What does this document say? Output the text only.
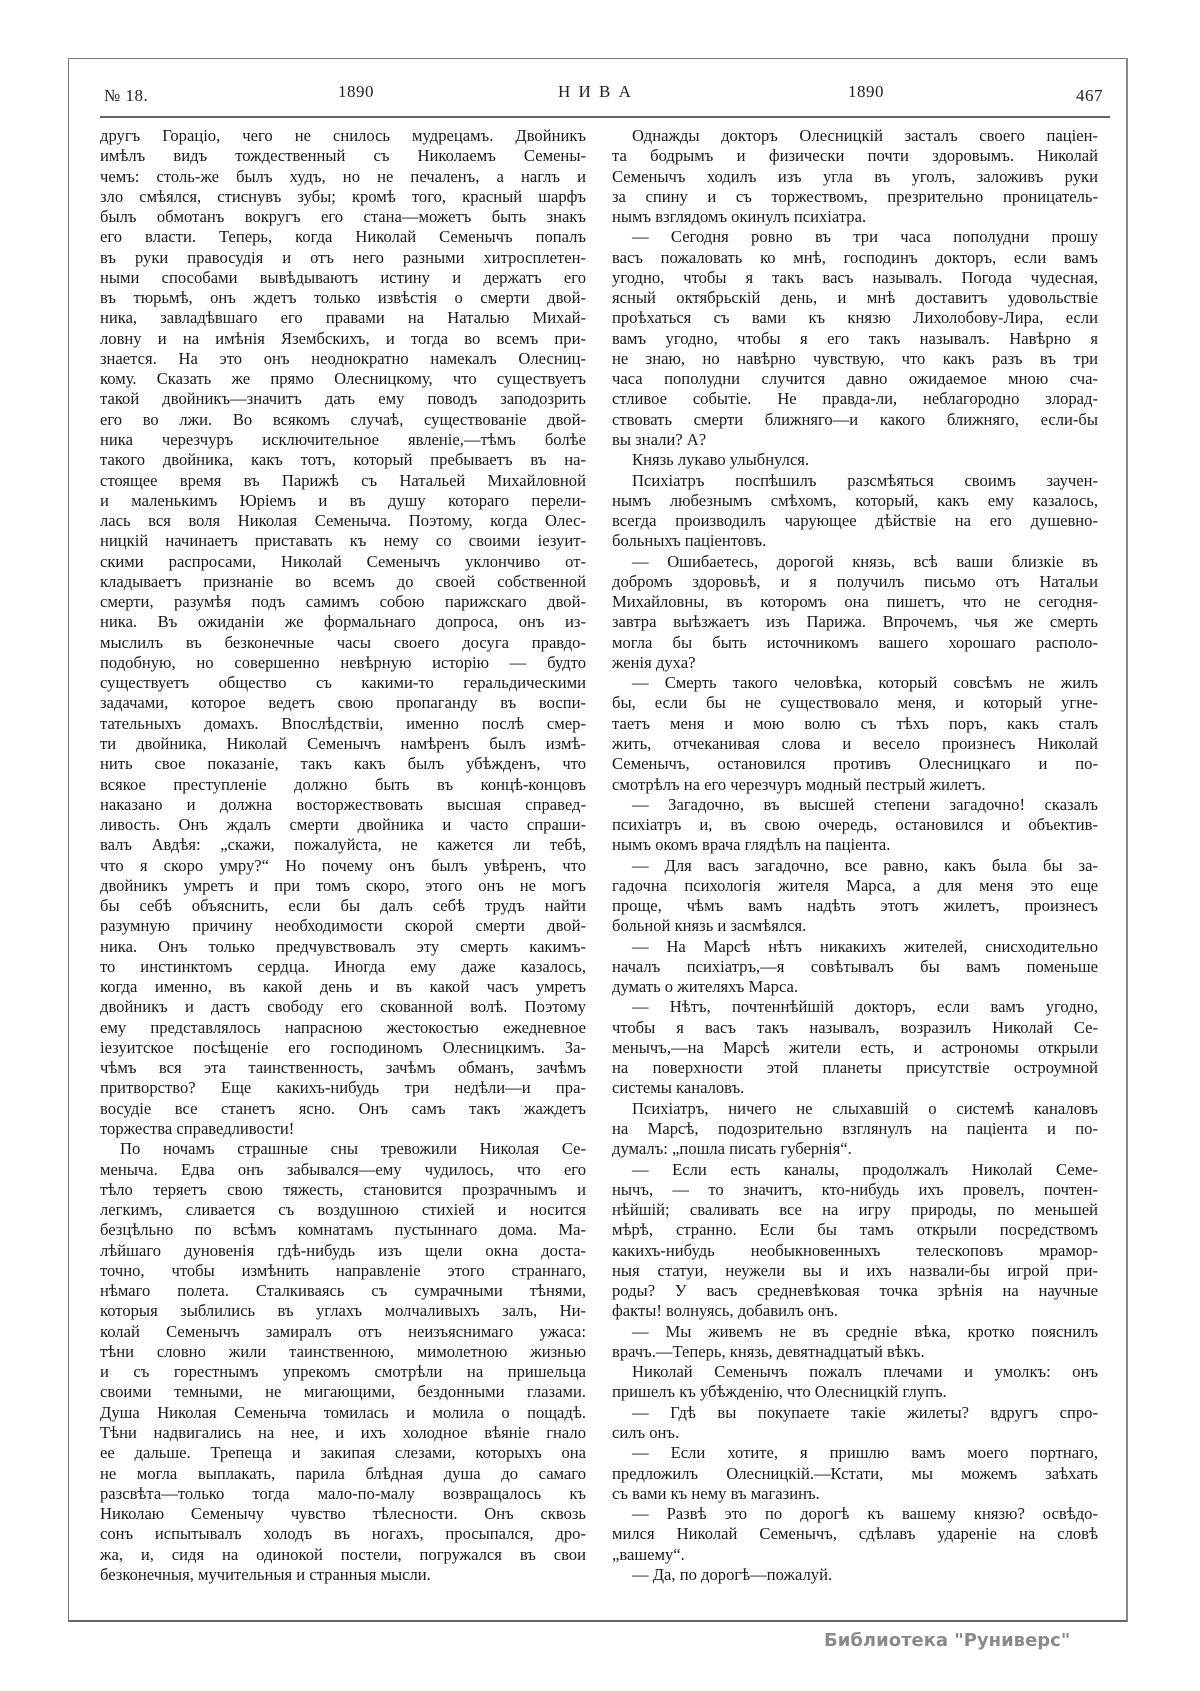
№ 18.	1890	Н И В А	1890	467
другъ Горацiо, чего не снилось мудрецамъ. Двойникъ
имѣлъ видъ тождественный съ Николаемъ Семены-
чемъ: столь-же былъ худъ, но не печаленъ, а наглъ и
зло смѣялся, стиснувъ зубы; кромѣ того, красный шарфъ
былъ обмотанъ вокругъ его стана—можетъ быть знакъ
его власти. Теперь, когда Николай Семенычъ попалъ
въ руки правосудiя и отъ него разными хитросплетен-
ными способами вывѣдываютъ истину и держатъ его
въ тюрьмѣ, онъ ждетъ только извѣстiя о смерти двой-
ника, завладѣвшаго его правами на Наталью Михай-
ловну и на имѣнiя Язембскихъ, и тогда во всемъ при-
знается. На это онъ неоднократно намекалъ Олесниц-
кому. Сказать же прямо Олесницкому, что существуетъ
такой двойникъ—значитъ дать ему поводъ заподозрить
его во лжи. Во всякомъ случаѣ, существованiе двой-
ника черезчуръ исключительное явленiе,—тѣмъ болѣе
такого двойника, какъ тотъ, который пребываетъ въ на-
стоящее время въ Парижѣ съ Натальей Михайловной
и маленькимъ Юрiемъ и въ душу котораго перели-
лась вся воля Николая Семеныча. Поэтому, когда Олес-
ницкiй начинаетъ приставать къ нему со своими iезуит-
скими распросами, Николай Семенычъ уклончиво от-
кладываетъ признанiе во всемъ до своей собственной
смерти, разумѣя подъ самимъ собою парижскаго двой-
ника. Въ ожиданiи же формальнаго допроса, онъ из-
мыслилъ въ безконечные часы своего досуга правдо-
подобную, но совершенно невѣрную исторiю — будто
существуетъ общество съ какими-то геральдическими
задачами, которое ведетъ свою пропаганду въ воспи-
тательныхъ домахъ. Впослѣдствiи, именно послѣ смер-
ти двойника, Николай Семенычъ намѣренъ былъ измѣ-
нить свое показанiе, такъ какъ былъ убѣжденъ, что
всякое преступленiе должно быть въ концѣ-концовъ
наказано и должна восторжествовать высшая справед-
ливость. Онъ ждалъ смерти двойника и часто спраши-
валъ Авдѣя: „скажи, пожалуйста, не кажется ли тебѣ,
что я скоро умру?“ Но почему онъ былъ увѣренъ, что
двойникъ умретъ и при томъ скоро, этого онъ не могъ
бы себѣ объяснить, если бы далъ себѣ трудъ найти
разумную причину необходимости скорой смерти двой-
ника. Онъ только предчувствовалъ эту смерть какимъ-
то инстинктомъ сердца. Иногда ему даже казалось,
когда именно, въ какой день и въ какой часъ умретъ
двойникъ и дастъ свободу его скованной волѣ. Поэтому
ему представлялось напрасною жестокостью ежедневное
iезуитское посѣщенiе его господиномъ Олесницкимъ. За-
чѣмъ вся эта таинственность, зачѣмъ обманъ, зачѣмъ
притворство? Еще какихъ-нибудь три недѣли—и пра-
восудiе все станетъ ясно. Онъ самъ такъ жаждетъ
торжества справедливости!
По ночамъ страшные сны тревожили Николая Се-
меныча. Едва онъ забывался—ему чудилось, что его
тѣло теряетъ свою тяжесть, становится прозрачнымъ и
легкимъ, сливается съ воздушною стихiей и носится
безцѣльно по всѣмъ комнатамъ пустыннаго дома. Ма-
лѣйшаго дуновенiя гдѣ-нибудь изъ щели окна доста-
точно, чтобы измѣнить направленiе этого страннаго,
нѣмаго полета. Сталкиваясь съ сумрачными тѣнями,
которыя зыблились въ углахъ молчаливыхъ залъ, Ни-
колай Семенычъ замиралъ отъ неизъяснимаго ужаса:
тѣни словно жили таинственною, мимолетною жизнью
и съ горестнымъ упрекомъ смотрѣли на пришельца
своими темными, не мигающими, бездонными глазами.
Душа Николая Семеныча томилась и молила о пощадѣ.
Тѣни надвигались на нее, и ихъ холодное вѣянiе гнало
ее дальше. Трепеща и закипая слезами, которыхъ она
не могла выплакать, парила блѣдная душа до самаго
разсвѣта—только тогда мало-по-малу возвращалось къ
Николаю Семенычу чувство тѣлесности. Онъ сквозь
сонъ испытывалъ холодъ въ ногахъ, просыпался, дро-
жа, и, сидя на одинокой постели, погружался въ свои
безконечныя, мучительныя и странныя мысли.
Однажды докторъ Олесницкiй засталъ своего пацiен-
та бодрымъ и физически почти здоровымъ. Николай
Семенычъ ходилъ изъ угла въ уголъ, заложивъ руки
за спину и съ торжествомъ, презрительно проницатель-
нымъ взглядомъ окинулъ психiатра.
— Сегодня ровно въ три часа пополудни прошу
васъ пожаловать ко мнѣ, господинъ докторъ, если вамъ
угодно, чтобы я такъ васъ называлъ. Погода чудесная,
ясный октябрьскiй день, и мнѣ доставитъ удовольствiе
проѣхаться съ вами къ князю Лихолобову-Лира, если
вамъ угодно, чтобы я его такъ называлъ. Навѣрно я
не знаю, но навѣрно чувствую, что какъ разъ въ три
часа пополудни случится давно ожидаемое мною сча-
стливое событiе. Не правда-ли, неблагородно злорад-
ствовать смерти ближняго—и какого ближняго, если-бы
вы знали? А?
Князь лукаво улыбнулся.
Психiатръ поспѣшилъ разсмѣяться своимъ заучен-
нымъ любезнымъ смѣхомъ, который, какъ ему казалось,
всегда производилъ чарующее дѣйствiе на его душевно-
больныхъ пацiентовъ.
— Ошибаетесь, дорогой князь, всѣ ваши близкiе въ
добромъ здоровьѣ, и я получилъ письмо отъ Натальи
Михайловны, въ которомъ она пишетъ, что не сегодня-
завтра выѣзжаетъ изъ Парижа. Впрочемъ, чья же смерть
могла бы быть источникомъ вашего хорошаго располо-
женiя духа?
— Смерть такого человѣка, который совсѣмъ не жилъ
бы, если бы не существовало меня, и который угне-
таетъ меня и мою волю съ тѣхъ поръ, какъ сталъ
жить, отчеканивая слова и весело произнесъ Николай
Семенычъ, остановился противъ Олесницкаго и по-
смотрѣлъ на его черезчуръ модный пестрый жилетъ.
— Загадочно, въ высшей степени загадочно! сказалъ
психiатръ и, въ свою очередь, остановился и объектив-
нымъ окомъ врача глядѣлъ на пацiента.
— Для васъ загадочно, все равно, какъ была бы за-
гадочна психологiя жителя Марса, а для меня это еще
проще, чѣмъ вамъ надѣть этотъ жилетъ, произнесъ
больной князь и засмѣялся.
— На Марсѣ нѣтъ никакихъ жителей, снисходительно
началъ психiатръ,—я совѣтывалъ бы вамъ поменьше
думать о жителяхъ Марса.
— Нѣтъ, почтеннѣйшiй докторъ, если вамъ угодно,
чтобы я васъ такъ называлъ, возразилъ Николай Се-
менычъ,—на Марсѣ жители есть, и астрономы открыли
на поверхности этой планеты присутствiе остроумной
системы каналовъ.
Психiатръ, ничего не слыхавшiй о системѣ каналовъ
на Марсѣ, подозрительно взглянулъ на пацiента и по-
думалъ: „пошла писать губернiя“.
— Если есть каналы, продолжалъ Николай Семе-
нычъ, — то значитъ, кто-нибудь ихъ провелъ, почтен-
нѣйшiй; сваливать все на игру природы, по меньшей
мѣрѣ, странно. Если бы тамъ открыли посредствомъ
какихъ-нибудь необыкновенныхъ телескоповъ мрамор-
ныя статуи, неужели вы и ихъ назвали-бы игрой при-
роды? У васъ средневѣковая точка зрѣнiя на научные
факты! волнуясь, добавилъ онъ.
— Мы живемъ не въ среднiе вѣка, кротко пояснилъ
врачъ.—Теперь, князь, девятнадцатый вѣкъ.
Николай Семенычъ пожалъ плечами и умолкъ: онъ
пришелъ къ убѣжденiю, что Олесницкiй глупъ.
— Гдѣ вы покупаете такiе жилеты? вдругъ спро-
силъ онъ.
— Если хотите, я пришлю вамъ моего портнаго,
предложилъ Олесницкiй.—Кстати, мы можемъ заѣхать
съ вами къ нему въ магазинъ.
— Развѣ это по дорогѣ къ вашему князю? освѣдо-
мился Николай Семенычъ, сдѣлавъ ударенiе на словѣ
„вашему“.
— Да, по дорогѣ—пожалуй.
Библиотека "Руниверс"
